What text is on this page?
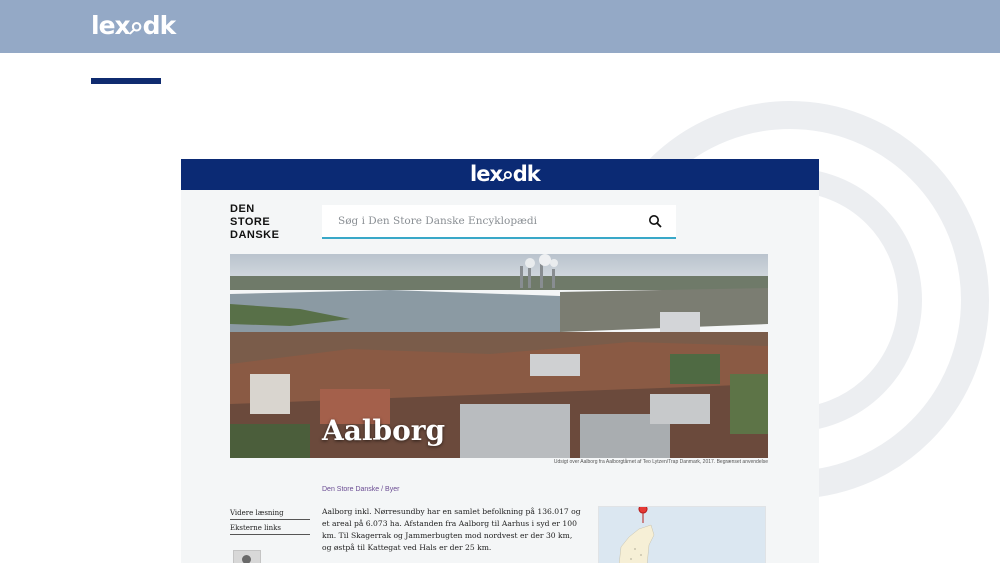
lex⌕dk
lex⌕dk
DEN
STORE
DANSKE
Søg i Den Store Danske Encyklopædi
Aalborg
Udsigt over Aalborg fra Aalborgtårnet af Teo Lytzen/Trap Danmark, 2017. Begrænset anvendelse
Den Store Danske / Byer
Videre læsning
Eksterne links
Aalborg inkl. Nørresundby har en samlet befolkning på 136.017 og et areal på 6.073 ha. Afstanden fra Aalborg til Aarhus i syd er 100 km. Til Skagerrak og Jammerbugten mod nordvest er der 30 km, og østpå til Kattegat ved Hals er der 25 km.
